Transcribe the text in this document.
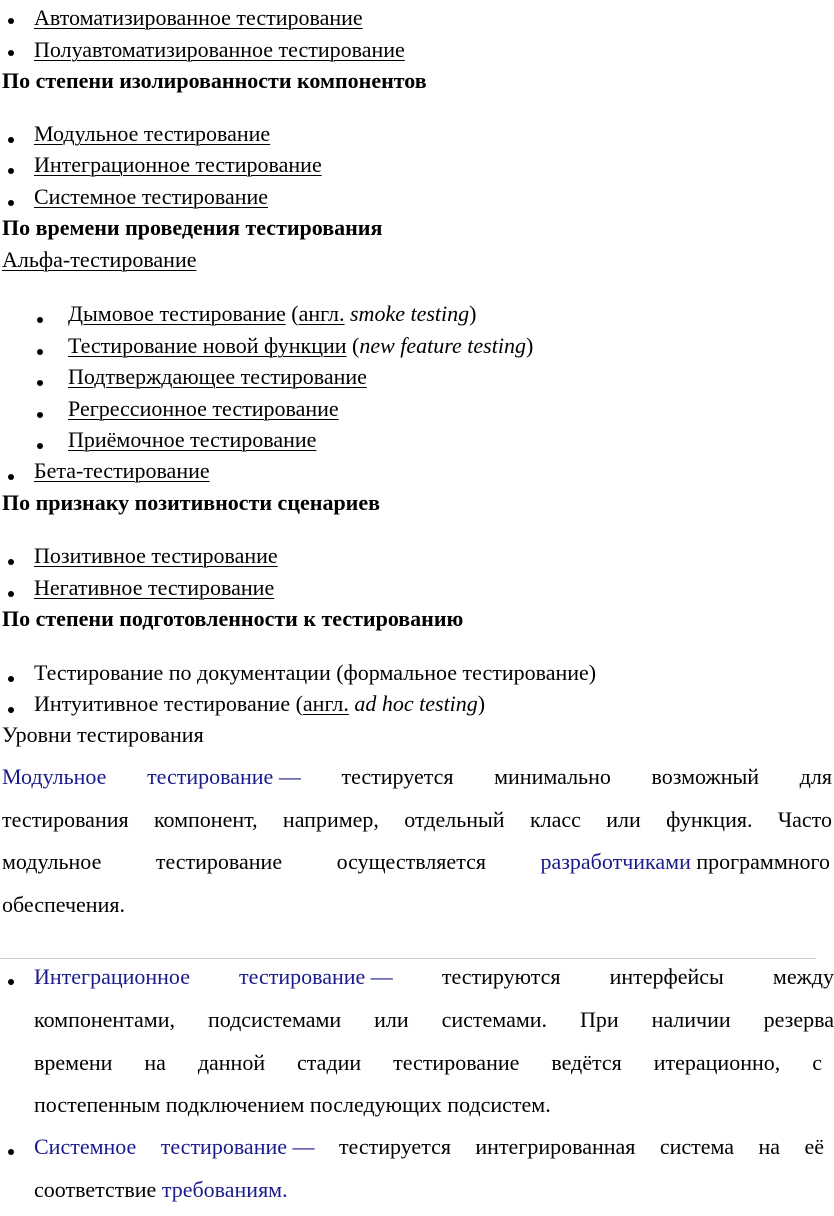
Автоматизированное тестирование
Полуавтоматизированное тестирование
По степени изолированности компонентов
Модульное тестирование
Интеграционное тестирование
Системное тестирование
По времени проведения тестирования
Альфа-тестирование
Дымовое тестирование (англ. smoke testing)
Тестирование новой функции (new feature testing)
Подтверждающее тестирование
Регрессионное тестирование
Приёмочное тестирование
Бета-тестирование
По признаку позитивности сценариев
Позитивное тестирование
Негативное тестирование
По степени подготовленности к тестированию
Тестирование по документации (формальное тестирование)
Интуитивное тестирование (англ. ad hoc testing)
Уровни тестирования
Модульное тестирование — тестируется минимально возможный для
тестирования компонент, например, отдельный класс или функция. Часто
модульное тестирование осуществляется разработчиками программного
обеспечения.
Интеграционное тестирование — тестируются интерфейсы между
компонентами, подсистемами или системами. При наличии резерва
времени на данной стадии тестирование ведётся итерационно, с
постепенным подключением последующих подсистем.
Системное тестирование — тестируется интегрированная система на её
соответствие требованиям.
